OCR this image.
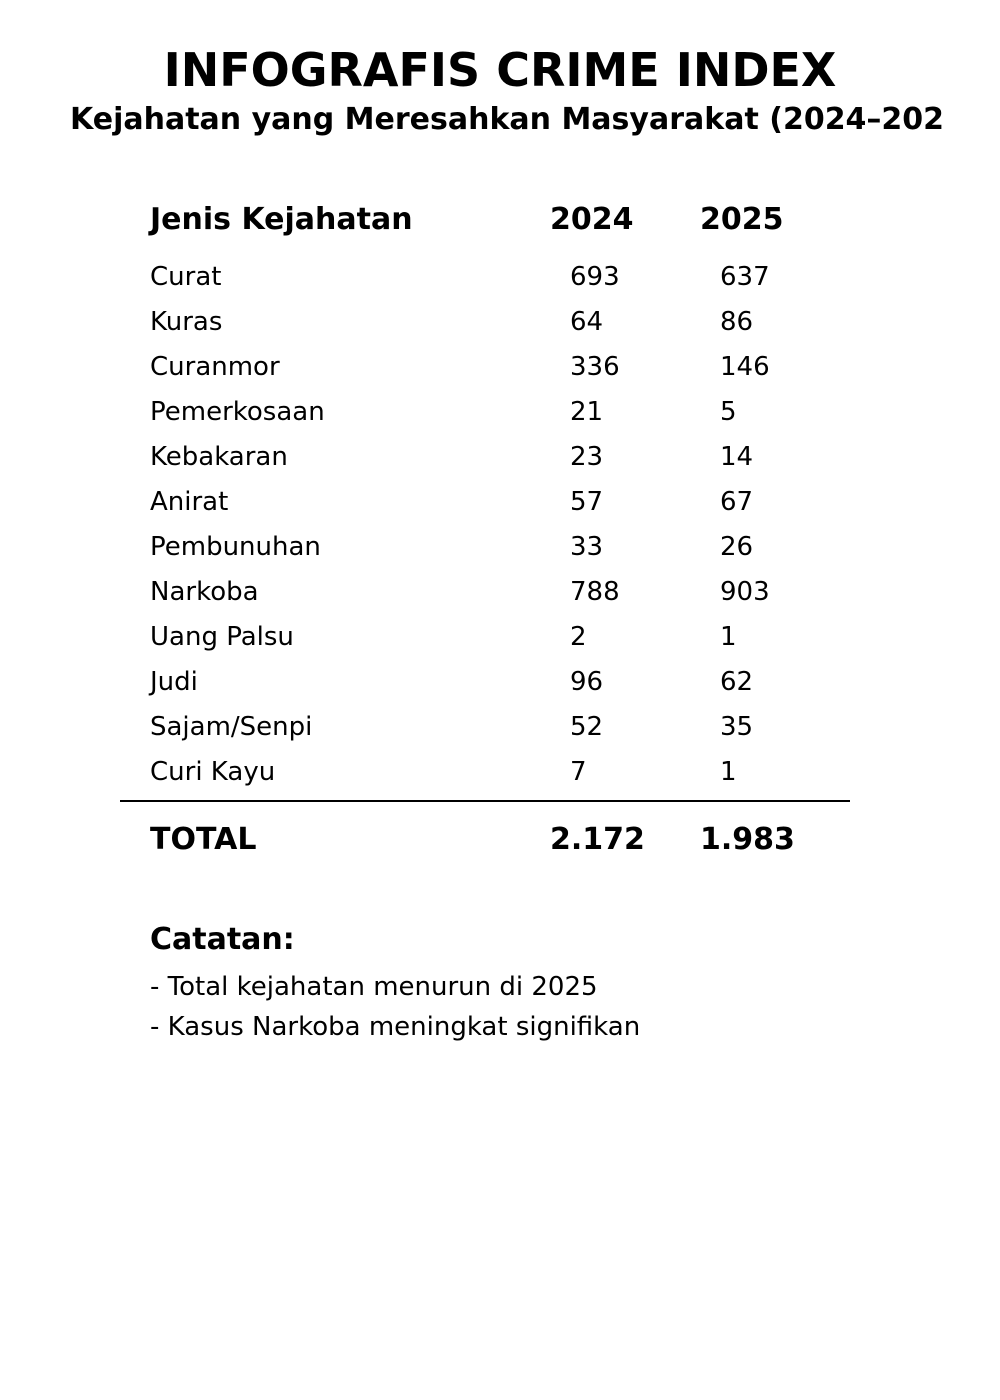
INFOGRAFIS CRIME INDEX
Kejahatan yang Meresahkan Masyarakat (2024–202
Jenis Kejahatan	2024 2025
Curat	693	637
Kuras	64	86
Curanmor	336	146
Pemerkosaan	21	5
Kebakaran	23	14
Anirat	57	67
Pembunuhan	33	26
Narkoba	788	903
Uang Palsu	2	1
Judi	96	62
Sajam/Senpi	52	35
Curi Kayu	7	1
TOTAL	2.172 1.983
Catatan:
- Total kejahatan menurun di 2025
- Kasus Narkoba meningkat signifikan
